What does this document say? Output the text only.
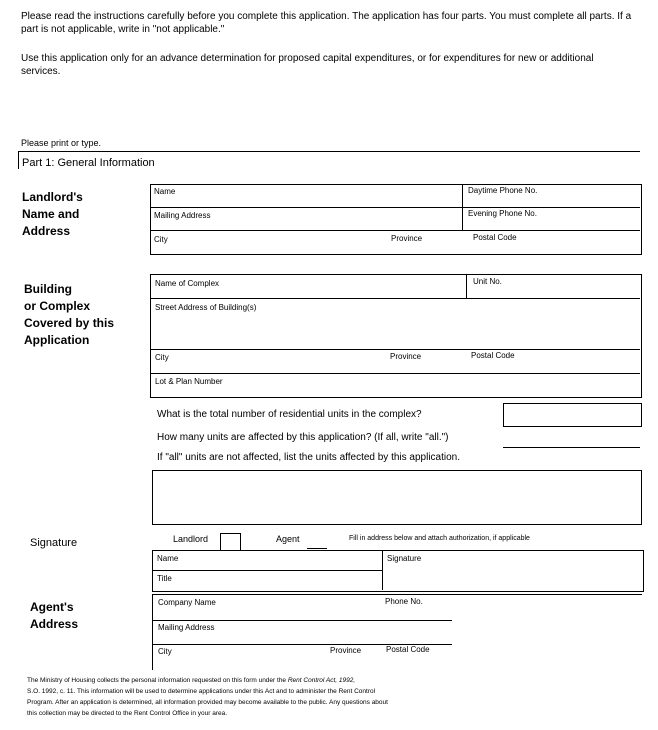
Please read the instructions carefully before you complete this application. The application has four parts. You must complete all parts. If a part is not applicable, write in "not applicable."

Use this application only for an advance determination for proposed capital expenditures, or for expenditures for new or additional services.

Please print or type.
Part 1: General Information
Landlord's
Name and
Address
Name	Daytime Phone No.
Mailing Address	Evening Phone No.
City	Province	Postal Code
Building
or Complex
Covered by this
Application
Name of Complex	Unit No.
Street Address of Building(s)
City	Province	Postal Code
Lot & Plan Number
What is the total number of residential units in the complex?
How many units are affected by this application? (If all, write "all.")
If "all" units are not affected, list the units affected by this application.
Signature	Landlord	Agent	Fill in address below and attach authorization, if applicable
Name	Signature
Title
Agent's
Address
Company Name	Phone No.
Mailing Address
City	Province	Postal Code
The Ministry of Housing collects the personal information requested on this form under the Rent Control Act, 1992,
S.O. 1992, c. 11. This information will be used to determine applications under this Act and to administer the Rent Control
Program. After an application is determined, all information provided may become available to the public. Any questions about
this collection may be directed to the Rent Control Office in your area.
